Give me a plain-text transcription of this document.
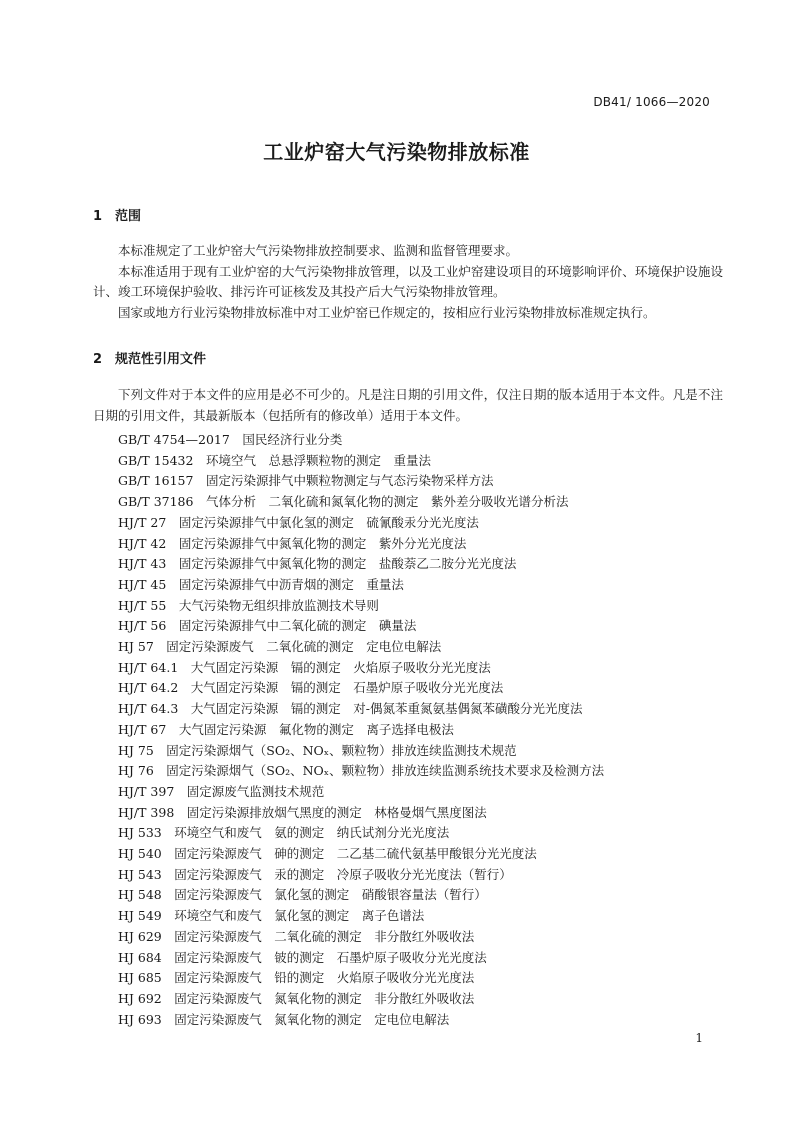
DB41/ 1066—2020
工业炉窑大气污染物排放标准
1 范围

本标准规定了工业炉窑大气污染物排放控制要求、监测和监督管理要求。

本标准适用于现有工业炉窑的大气污染物排放管理，以及工业炉窑建设项目的环境影响评价、环境保护设施设计、竣工环境保护验收、排污许可证核发及其投产后大气污染物排放管理。

国家或地方行业污染物排放标准中对工业炉窑已作规定的，按相应行业污染物排放标准规定执行。

2 规范性引用文件

下列文件对于本文件的应用是必不可少的。凡是注日期的引用文件，仅注日期的版本适用于本文件。凡是不注日期的引用文件，其最新版本（包括所有的修改单）适用于本文件。

GB/T 4754—2017　国民经济行业分类
GB/T 15432　环境空气　总悬浮颗粒物的测定　重量法
GB/T 16157　固定污染源排气中颗粒物测定与气态污染物采样方法
GB/T 37186　气体分析　二氧化硫和氮氧化物的测定　紫外差分吸收光谱分析法
HJ/T 27　固定污染源排气中氯化氢的测定　硫氰酸汞分光光度法
HJ/T 42　固定污染源排气中氮氧化物的测定　紫外分光光度法
HJ/T 43　固定污染源排气中氮氧化物的测定　盐酸萘乙二胺分光光度法
HJ/T 45　固定污染源排气中沥青烟的测定　重量法
HJ/T 55　大气污染物无组织排放监测技术导则
HJ/T 56　固定污染源排气中二氧化硫的测定　碘量法
HJ 57　固定污染源废气　二氧化硫的测定　定电位电解法
HJ/T 64.1　大气固定污染源　镉的测定　火焰原子吸收分光光度法
HJ/T 64.2　大气固定污染源　镉的测定　石墨炉原子吸收分光光度法
HJ/T 64.3　大气固定污染源　镉的测定　对-偶氮苯重氮氨基偶氮苯磺酸分光光度法
HJ/T 67　大气固定污染源　氟化物的测定　离子选择电极法
HJ 75　固定污染源烟气（SO₂、NOₓ、颗粒物）排放连续监测技术规范
HJ 76　固定污染源烟气（SO₂、NOₓ、颗粒物）排放连续监测系统技术要求及检测方法
HJ/T 397　固定源废气监测技术规范
HJ/T 398　固定污染源排放烟气黑度的测定　林格曼烟气黑度图法
HJ 533　环境空气和废气　氨的测定　纳氏试剂分光光度法
HJ 540　固定污染源废气　砷的测定　二乙基二硫代氨基甲酸银分光光度法
HJ 543　固定污染源废气　汞的测定　冷原子吸收分光光度法（暂行）
HJ 548　固定污染源废气　氯化氢的测定　硝酸银容量法（暂行）
HJ 549　环境空气和废气　氯化氢的测定　离子色谱法
HJ 629　固定污染源废气　二氧化硫的测定　非分散红外吸收法
HJ 684　固定污染源废气　铍的测定　石墨炉原子吸收分光光度法
HJ 685　固定污染源废气　铅的测定　火焰原子吸收分光光度法
HJ 692　固定污染源废气　氮氧化物的测定　非分散红外吸收法
HJ 693　固定污染源废气　氮氧化物的测定　定电位电解法
1
